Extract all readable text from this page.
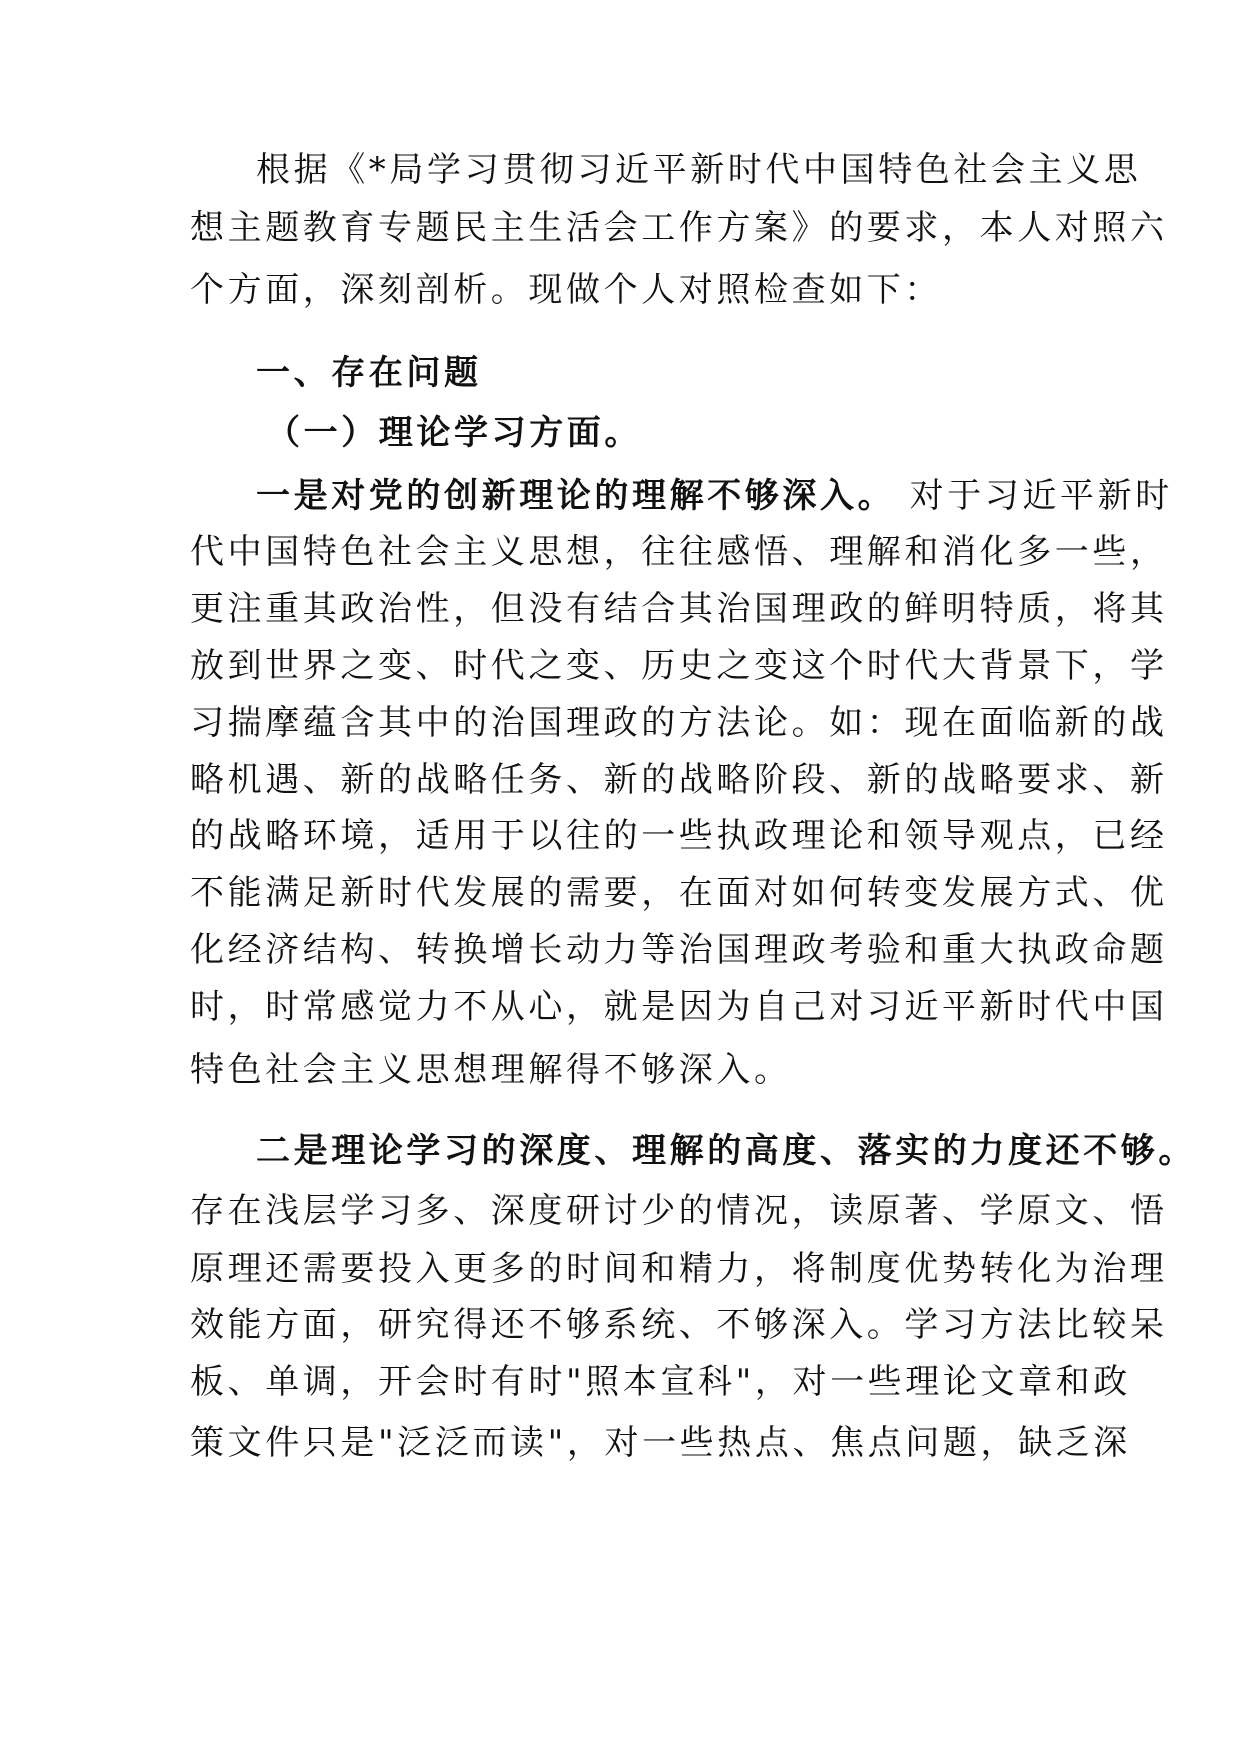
根据《*局学习贯彻习近平新时代中国特色社会主义思
想主题教育专题民主生活会工作方案》的要求，本人对照六
个方面，深刻剖析。现做个人对照检查如下：
一、存在问题
（一）理论学习方面。
一是对党的创新理论的理解不够深入。 对于习近平新时
代中国特色社会主义思想，往往感悟、理解和消化多一些，
更注重其政治性，但没有结合其治国理政的鲜明特质，将其
放到世界之变、时代之变、历史之变这个时代大背景下，学
习揣摩蕴含其中的治国理政的方法论。如：现在面临新的战
略机遇、新的战略任务、新的战略阶段、新的战略要求、新
的战略环境，适用于以往的一些执政理论和领导观点，已经
不能满足新时代发展的需要，在面对如何转变发展方式、优
化经济结构、转换增长动力等治国理政考验和重大执政命题
时，时常感觉力不从心，就是因为自己对习近平新时代中国
特色社会主义思想理解得不够深入。
二是理论学习的深度、理解的高度、落实的力度还不够。
存在浅层学习多、深度研讨少的情况，读原著、学原文、悟
原理还需要投入更多的时间和精力，将制度优势转化为治理
效能方面，研究得还不够系统、不够深入。学习方法比较呆
板、单调，开会时有时"照本宣科"，对一些理论文章和政
策文件只是"泛泛而读"，对一些热点、焦点问题，缺乏深
